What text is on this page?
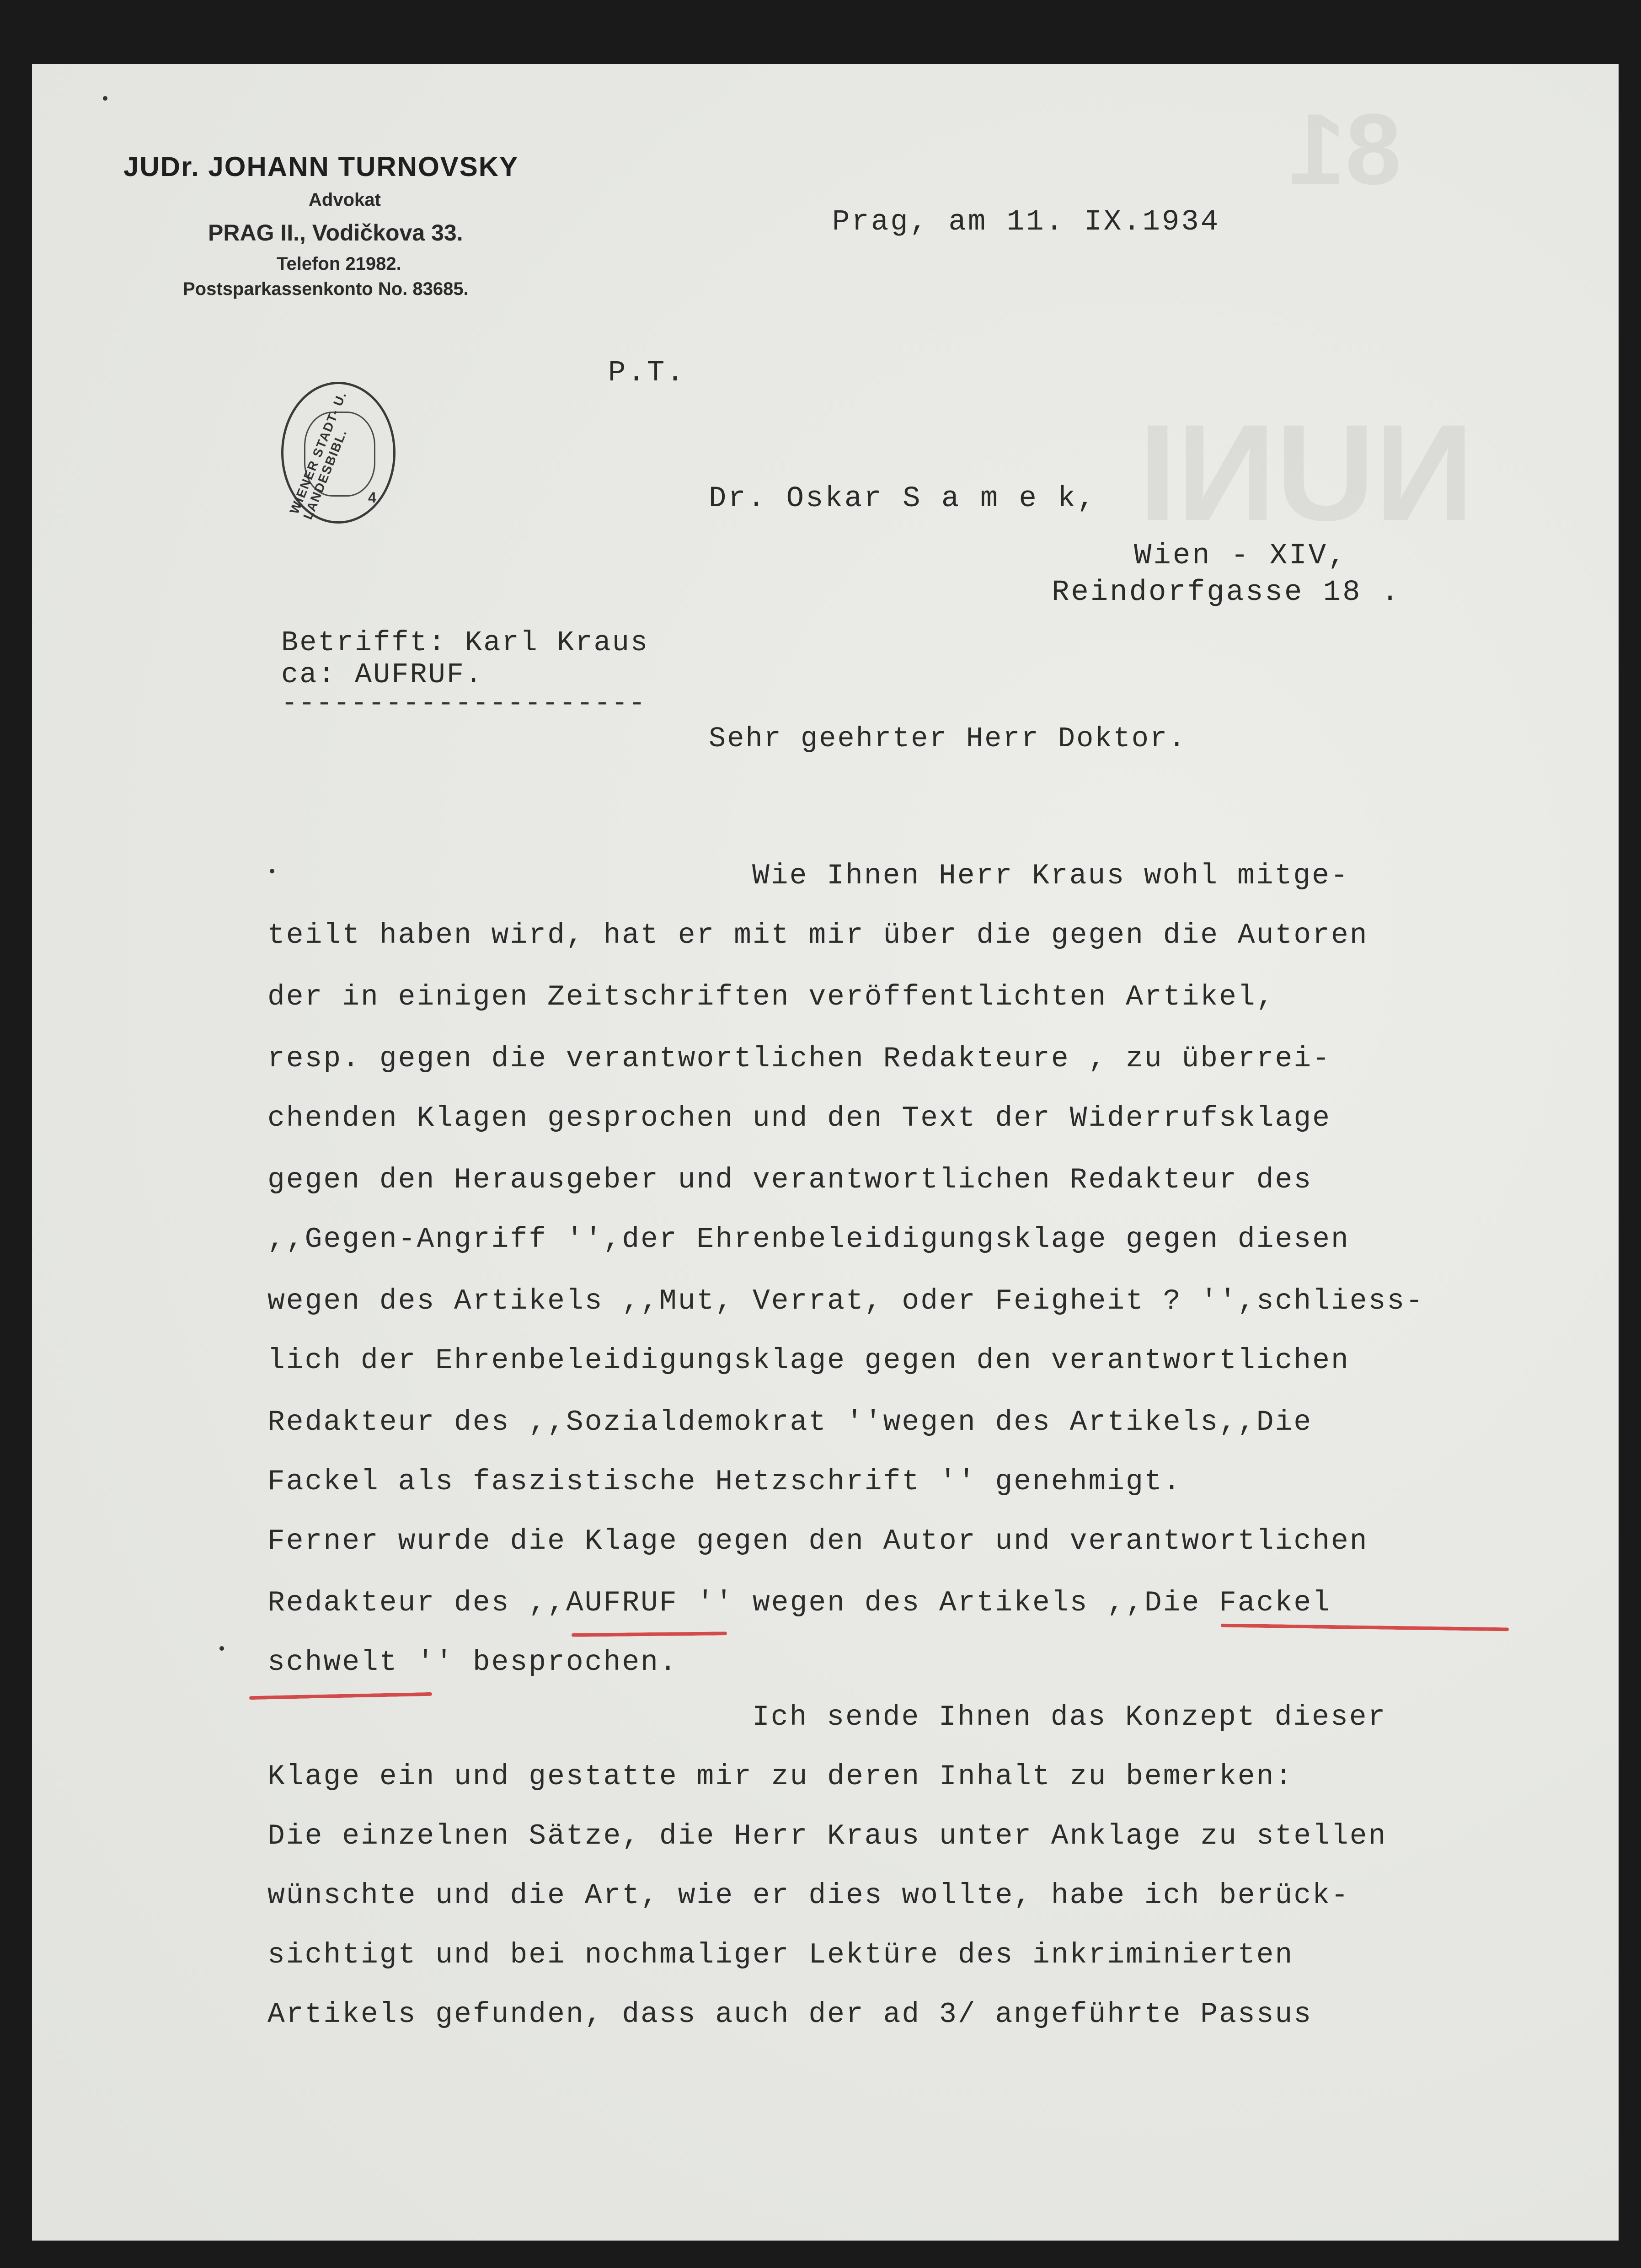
NUNI
81
JUDr. JOHANN TURNOVSKY
Advokat
PRAG II., Vodičkova 33.
Telefon 21982.
Postsparkassenkonto No. 83685.
Prag, am 11. IX.1934
WIENER STADT- U. LANDESBIBL.	4
P.T.
Dr. Oskar S a m e k,
Wien - XIV,
Reindorfgasse 18 .
Betrifft: Karl Kraus
ca: AUFRUF.
---------------------
Sehr geehrter Herr Doktor.
Wie Ihnen Herr Kraus wohl mitge-
teilt haben wird, hat er mit mir über die gegen die Autoren
der in einigen Zeitschriften veröffentlichten Artikel,
resp. gegen die verantwortlichen Redakteure , zu überrei-
chenden Klagen gesprochen und den Text der Widerrufsklage
gegen den Herausgeber und verantwortlichen Redakteur des
,,Gegen-Angriff '',der Ehrenbeleidigungsklage gegen diesen
wegen des Artikels ,,Mut, Verrat, oder Feigheit ? '',schliess-
lich der Ehrenbeleidigungsklage gegen den verantwortlichen
Redakteur des ,,Sozialdemokrat ''wegen des Artikels,,Die
Fackel als faszistische Hetzschrift '' genehmigt.
Ferner wurde die Klage gegen den Autor und verantwortlichen
Redakteur des ,,AUFRUF '' wegen des Artikels ,,Die Fackel
schwelt '' besprochen.
Ich sende Ihnen das Konzept dieser
Klage ein und gestatte mir zu deren Inhalt zu bemerken:
Die einzelnen Sätze, die Herr Kraus unter Anklage zu stellen
wünschte und die Art, wie er dies wollte, habe ich berück-
sichtigt und bei nochmaliger Lektüre des inkriminierten
Artikels gefunden, dass auch der ad 3/ angeführte Passus
